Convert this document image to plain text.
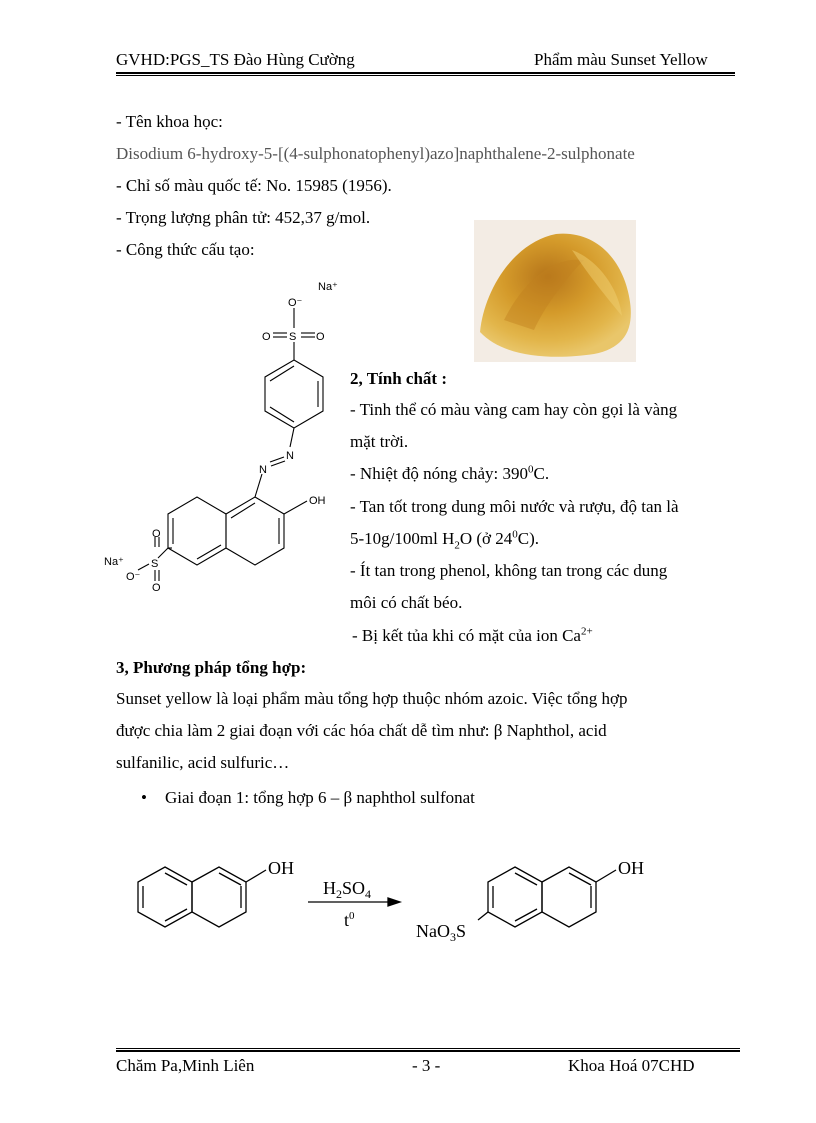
GVHD:PGS_TS Đào Hùng Cường	Phẩm màu Sunset Yellow
- Tên khoa học:
Disodium 6-hydroxy-5-[(4-sulphonatophenyl)azo]naphthalene-2-sulphonate
- Chỉ số màu quốc tế: No. 15985 (1956).
- Trọng lượng phân tử: 452,37 g/mol.
- Công thức cấu tạo:
Na⁺
O⁻
O	O
S
N
N
OH
Na⁺
O⁻
O
O
S
2, Tính chất :
- Tinh thể có màu vàng cam hay còn gọi là vàng
mặt trời.
- Nhiệt độ nóng chảy: $390^0C$.
- Tan tốt trong dung môi nước và rượu, độ tan là
5-10g/100ml $H_2O$ (ở $24^0C$).
- Ít tan trong phenol, không tan trong các dung
môi có chất béo.
- Bị kết tủa khi có mặt của ion $Ca^{2+}$
3, Phương pháp tổng hợp:
Sunset yellow là loại phẩm màu tổng hợp thuộc nhóm azoic. Việc tổng hợp
được chia làm 2 giai đoạn với các hóa chất dễ tìm như: β Naphthol, acid
sulfanilic, acid sulfuric…
• Giai đoạn 1: tổng hợp 6 – β naphthol sulfonat
OH
$H_2SO_4$
$t^0$
OH
NaO$_3$S
Chăm Pa,Minh Liên	- 3 -	Khoa Hoá 07CHD
